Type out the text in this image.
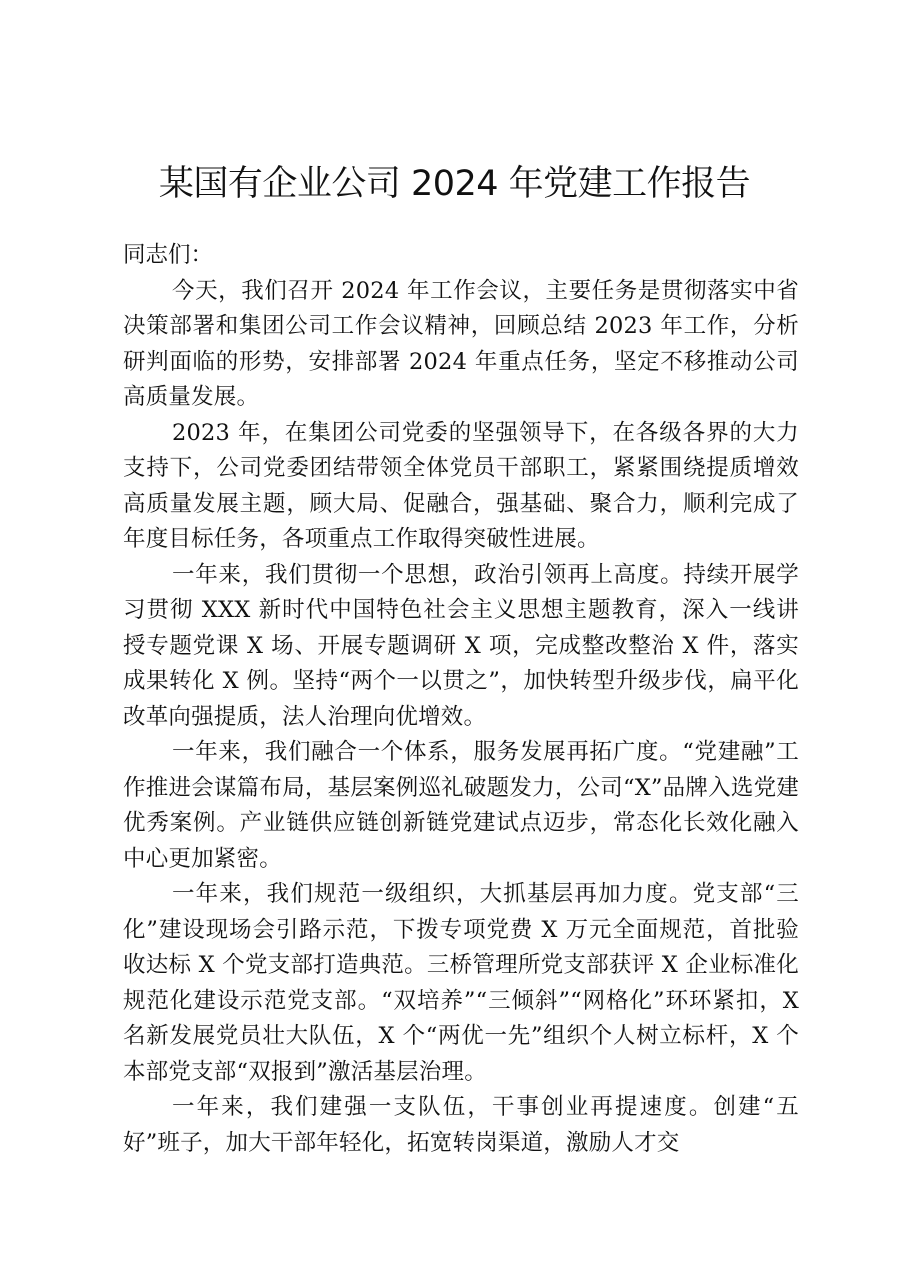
某国有企业公司 2024 年党建工作报告

同志们：

今天，我们召开 2024 年工作会议，主要任务是贯彻落实中省决策部署和集团公司工作会议精神，回顾总结 2023 年工作，分析研判面临的形势，安排部署 2024 年重点任务，坚定不移推动公司高质量发展。

2023 年，在集团公司党委的坚强领导下，在各级各界的大力支持下，公司党委团结带领全体党员干部职工，紧紧围绕提质增效高质量发展主题，顾大局、促融合，强基础、聚合力，顺利完成了年度目标任务，各项重点工作取得突破性进展。

一年来，我们贯彻一个思想，政治引领再上高度。持续开展学习贯彻 XXX 新时代中国特色社会主义思想主题教育，深入一线讲授专题党课 X 场、开展专题调研 X 项，完成整改整治 X 件，落实成果转化 X 例。坚持“两个一以贯之”，加快转型升级步伐，扁平化改革向强提质，法人治理向优增效。

一年来，我们融合一个体系，服务发展再拓广度。“党建融”工作推进会谋篇布局，基层案例巡礼破题发力，公司“X”品牌入选党建优秀案例。产业链供应链创新链党建试点迈步，常态化长效化融入中心更加紧密。

一年来，我们规范一级组织，大抓基层再加力度。党支部“三化”建设现场会引路示范，下拨专项党费 X 万元全面规范，首批验收达标 X 个党支部打造典范。三桥管理所党支部获评 X 企业标准化规范化建设示范党支部。“双培养”“三倾斜”“网格化”环环紧扣，X 名新发展党员壮大队伍，X 个“两优一先”组织个人树立标杆，X 个本部党支部“双报到”激活基层治理。

一年来，我们建强一支队伍，干事创业再提速度。创建“五好”班子，加大干部年轻化，拓宽转岗渠道，激励人才交
